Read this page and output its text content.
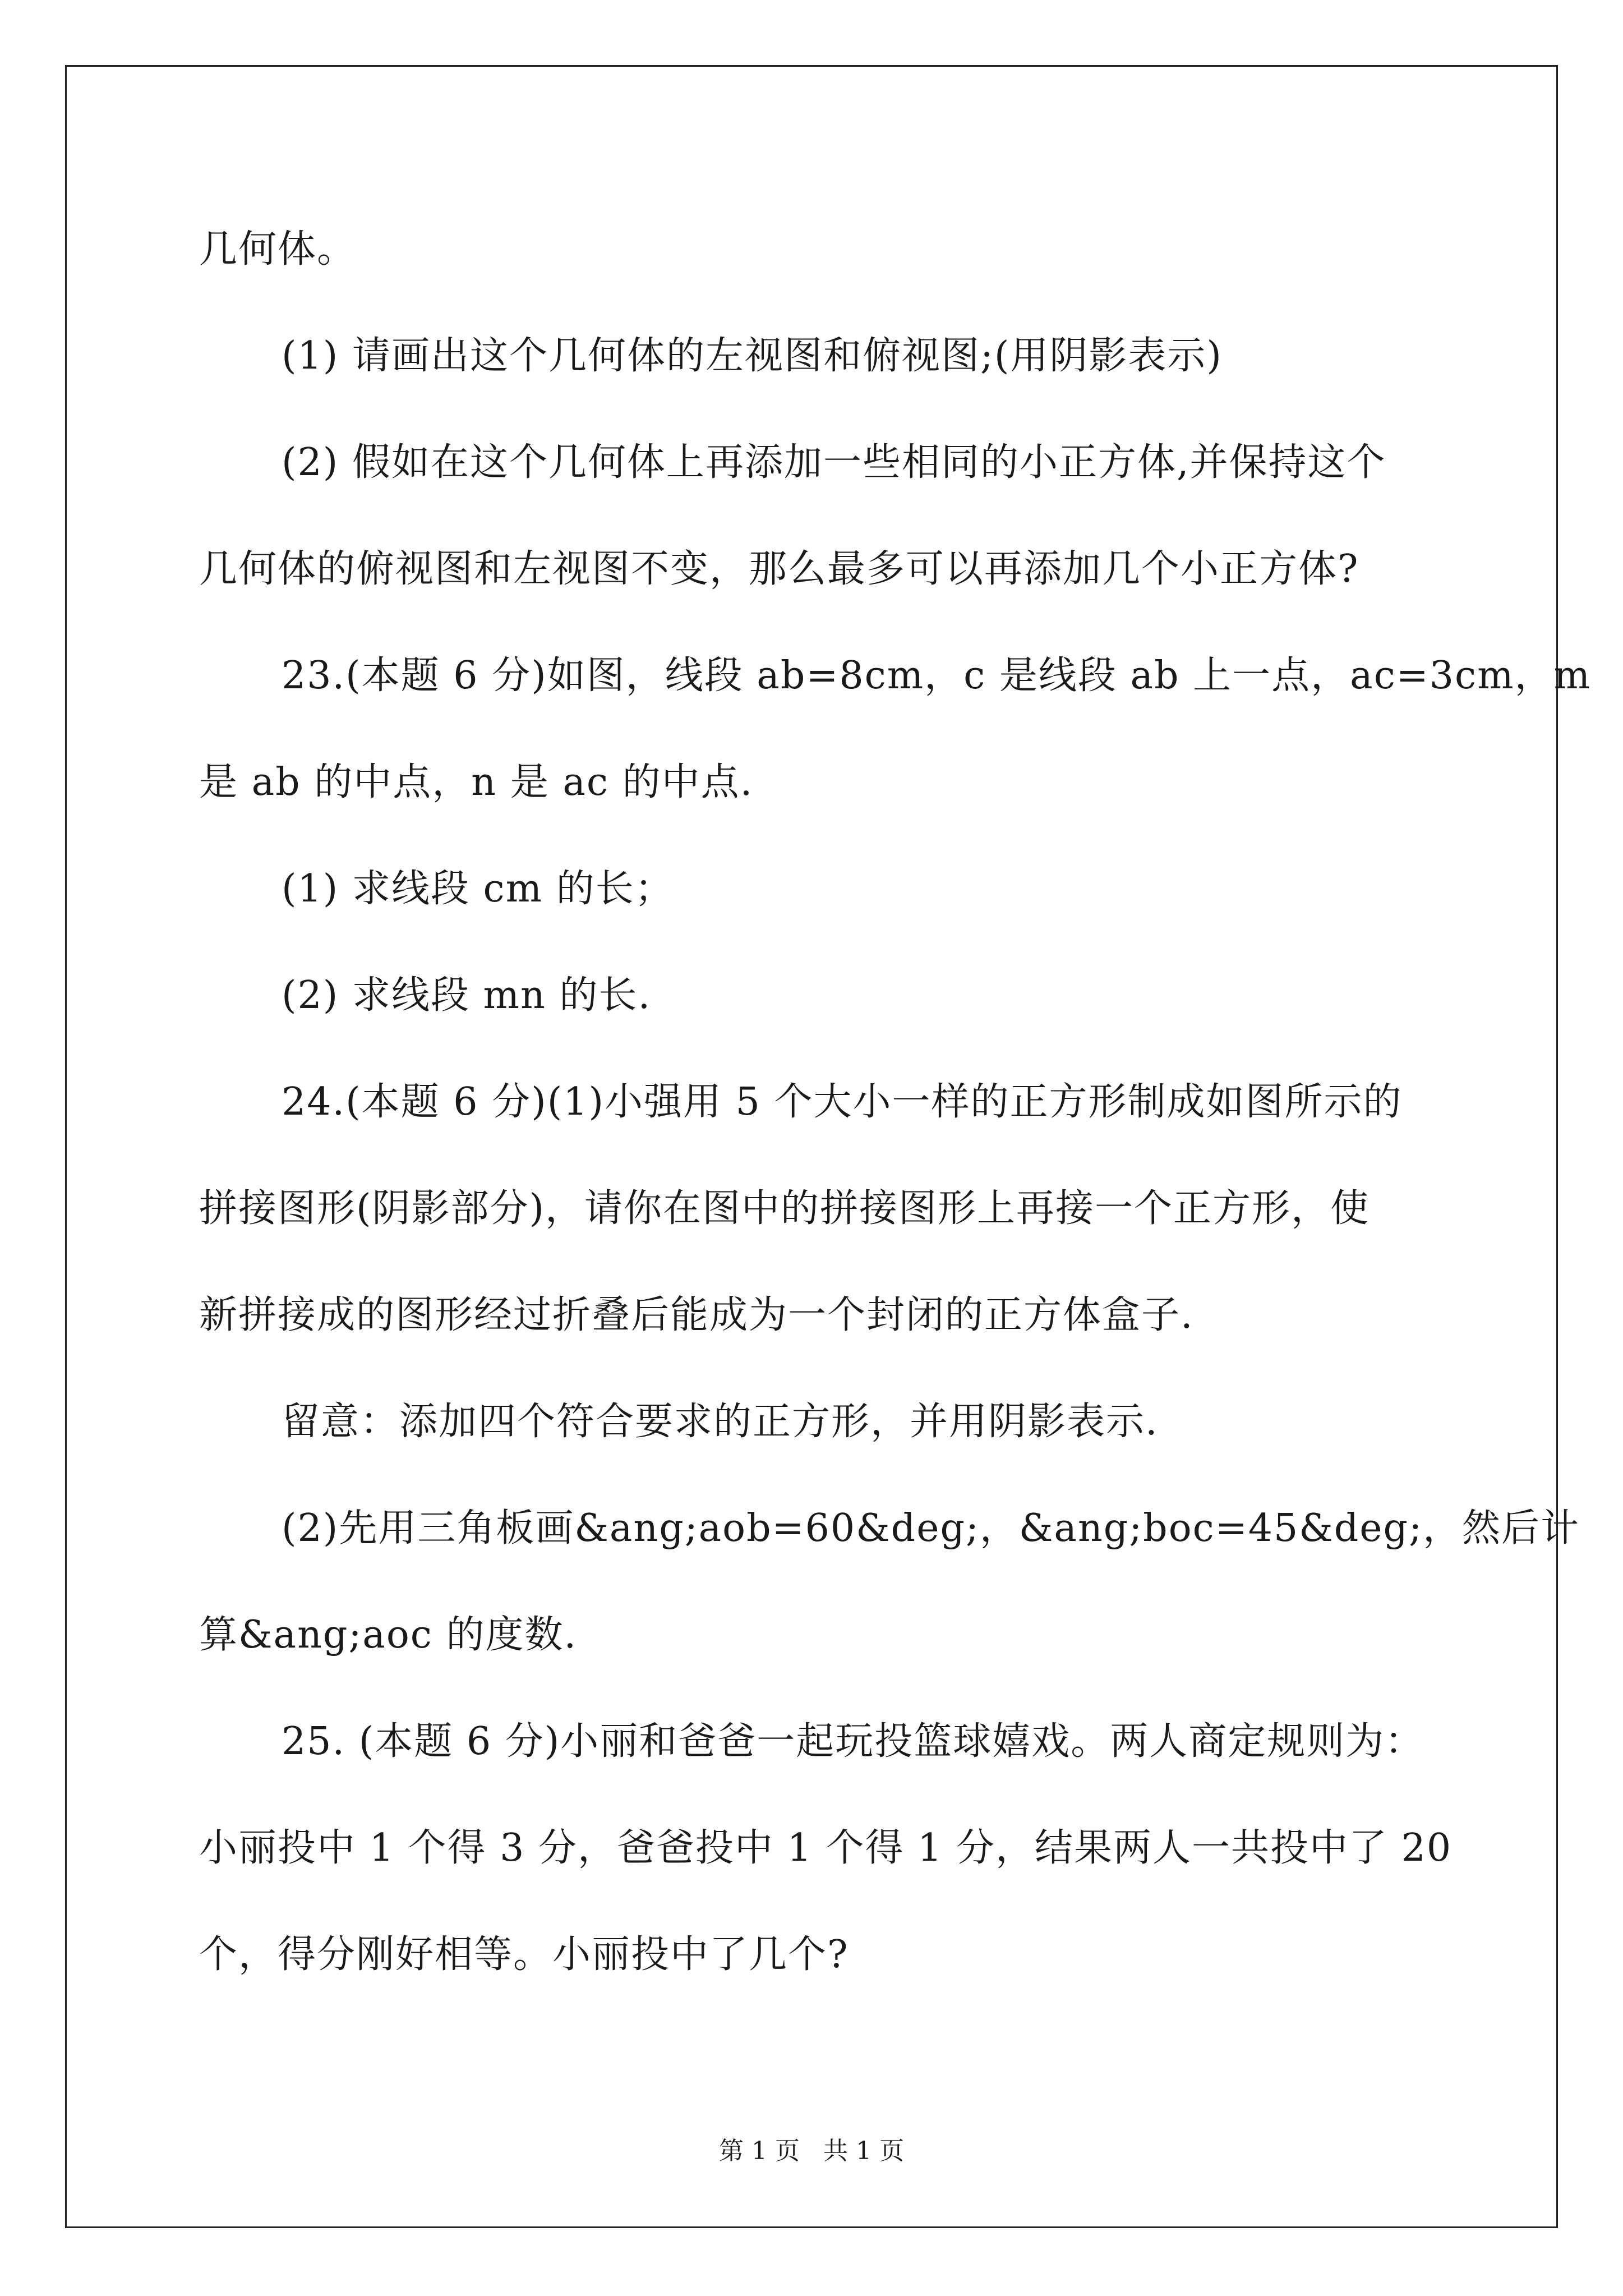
几何体。
(1) 请画出这个几何体的左视图和俯视图;(用阴影表示)
(2) 假如在这个几何体上再添加一些相同的小正方体,并保持这个
几何体的俯视图和左视图不变，那么最多可以再添加几个小正方体?
23.(本题 6 分)如图，线段 ab=8cm，c 是线段 ab 上一点，ac=3cm，m
是 ab 的中点，n 是 ac 的中点.
(1) 求线段 cm 的长；
(2) 求线段 mn 的长.
24.(本题 6 分)(1)小强用 5 个大小一样的正方形制成如图所示的
拼接图形(阴影部分)，请你在图中的拼接图形上再接一个正方形，使
新拼接成的图形经过折叠后能成为一个封闭的正方体盒子.
留意：添加四个符合要求的正方形，并用阴影表示.
(2)先用三角板画&ang;aob=60&deg;，&ang;boc=45&deg;，然后计
算&ang;aoc 的度数.
25. (本题 6 分)小丽和爸爸一起玩投篮球嬉戏。两人商定规则为：
小丽投中 1 个得 3 分，爸爸投中 1 个得 1 分，结果两人一共投中了 20
个，得分刚好相等。小丽投中了几个?
第 1 页   共 1 页
